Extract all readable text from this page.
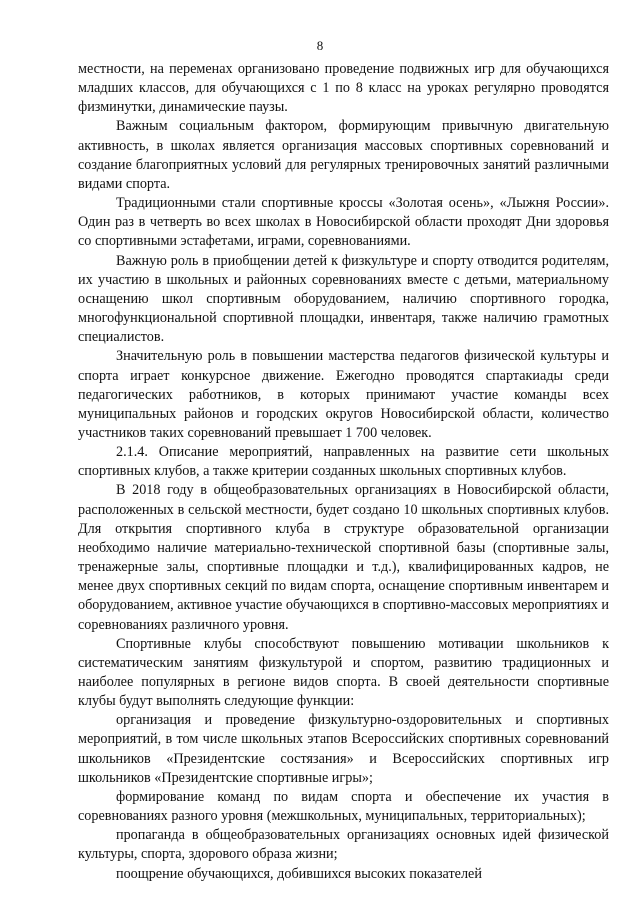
8

местности, на переменах организовано проведение подвижных игр для обучающихся младших классов, для обучающихся с 1 по 8 класс на уроках регулярно проводятся физминутки, динамические паузы.

Важным социальным фактором, формирующим привычную двигательную активность, в школах является организация массовых спортивных соревнований и создание благоприятных условий для регулярных тренировочных занятий различными видами спорта.

Традиционными стали спортивные кроссы «Золотая осень», «Лыжня России». Один раз в четверть во всех школах в Новосибирской области проходят Дни здоровья со спортивными эстафетами, играми, соревнованиями.

Важную роль в приобщении детей к физкультуре и спорту отводится родителям, их участию в школьных и районных соревнованиях вместе с детьми, материальному оснащению школ спортивным оборудованием, наличию спортивного городка, многофункциональной спортивной площадки, инвентаря, также наличию грамотных специалистов.

Значительную роль в повышении мастерства педагогов физической культуры и спорта играет конкурсное движение. Ежегодно проводятся спартакиады среди педагогических работников, в которых принимают участие команды всех муниципальных районов и городских округов Новосибирской области, количество участников таких соревнований превышает 1 700 человек.

2.1.4. Описание мероприятий, направленных на развитие сети школьных спортивных клубов, а также критерии созданных школьных спортивных клубов.

В 2018 году в общеобразовательных организациях в Новосибирской области, расположенных в сельской местности, будет создано 10 школьных спортивных клубов. Для открытия спортивного клуба в структуре образовательной организации необходимо наличие материально-технической спортивной базы (спортивные залы, тренажерные залы, спортивные площадки и т.д.), квалифицированных кадров, не менее двух спортивных секций по видам спорта, оснащение спортивным инвентарем и оборудованием, активное участие обучающихся в спортивно-массовых мероприятиях и соревнованиях различного уровня.

Спортивные клубы способствуют повышению мотивации школьников к систематическим занятиям физкультурой и спортом, развитию традиционных и наиболее популярных в регионе видов спорта. В своей деятельности спортивные клубы будут выполнять следующие функции:

организация и проведение физкультурно-оздоровительных и спортивных мероприятий, в том числе школьных этапов Всероссийских спортивных соревнований школьников «Президентские состязания» и Всероссийских спортивных игр школьников «Президентские спортивные игры»;

формирование команд по видам спорта и обеспечение их участия в соревнованиях разного уровня (межшкольных, муниципальных, территориальных);

пропаганда в общеобразовательных организациях основных идей физической культуры, спорта, здорового образа жизни;

поощрение обучающихся, добившихся высоких показателей
